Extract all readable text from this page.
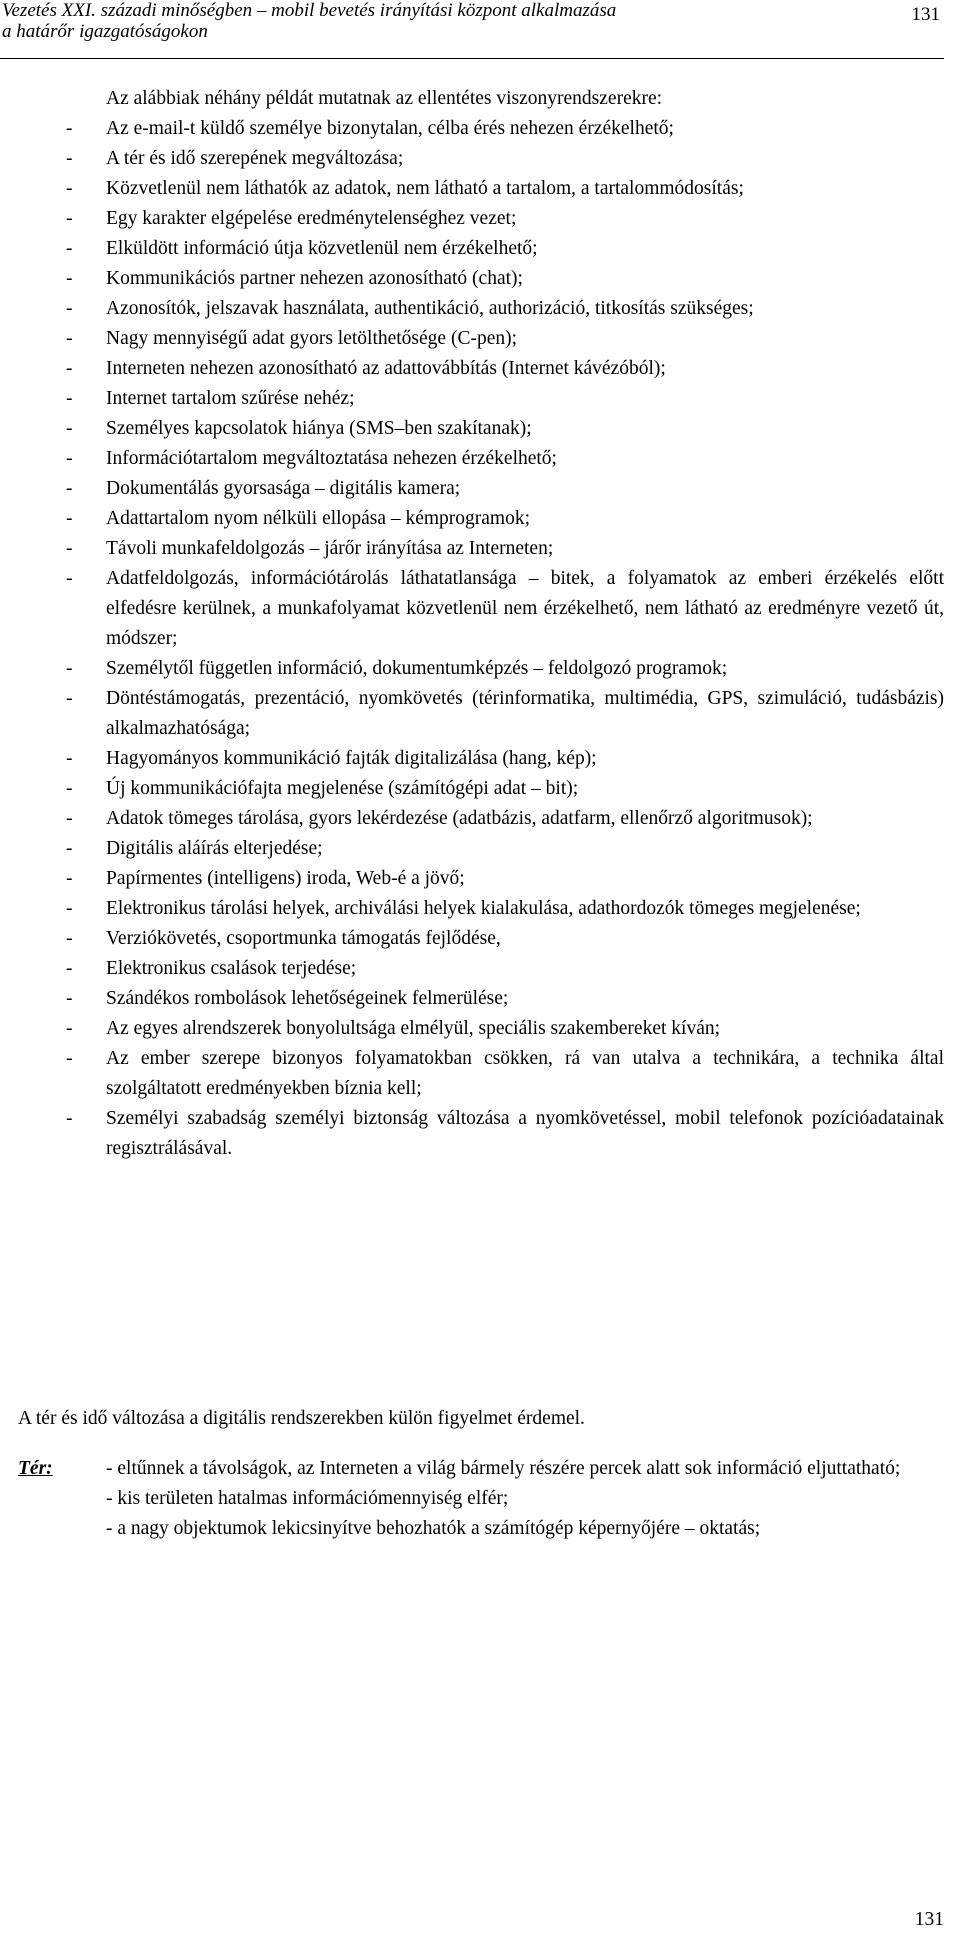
Vezetés XXI. századi minőségben – mobil bevetés irányítási központ alkalmazása
a határőr igazgatóságokon
131
Az alábbiak néhány példát mutatnak az ellentétes viszonyrendszerekre:
- Az e-mail-t küldő személye bizonytalan, célba érés nehezen érzékelhető;
- A tér és idő szerepének megváltozása;
- Közvetlenül nem láthatók az adatok, nem látható a tartalom, a tartalommódosítás;
- Egy karakter elgépelése eredménytelenséghez vezet;
- Elküldött információ útja közvetlenül nem érzékelhető;
- Kommunikációs partner nehezen azonosítható (chat);
- Azonosítók, jelszavak használata, authentikáció, authorizáció, titkosítás szükséges;
- Nagy mennyiségű adat gyors letölthetősége (C-pen);
- Interneten nehezen azonosítható az adattovábbítás (Internet kávézóból);
- Internet tartalom szűrése nehéz;
- Személyes kapcsolatok hiánya (SMS–ben szakítanak);
- Információtartalom megváltoztatása nehezen érzékelhető;
- Dokumentálás gyorsasága – digitális kamera;
- Adattartalom nyom nélküli ellopása – kémprogramok;
- Távoli munkafeldolgozás – járőr irányítása az Interneten;
- Adatfeldolgozás, információtárolás láthatatlansága – bitek, a folyamatok az emberi érzékelés előtt elfedésre kerülnek, a munkafolyamat közvetlenül nem érzékelhető, nem látható az eredményre vezető út, módszer;
- Személytől független információ, dokumentumképzés – feldolgozó programok;
- Döntéstámogatás, prezentáció, nyomkövetés (térinformatika, multimédia, GPS, szimuláció, tudásbázis) alkalmazhatósága;
- Hagyományos kommunikáció fajták digitalizálása (hang, kép);
- Új kommunikációfajta megjelenése (számítógépi adat – bit);
- Adatok tömeges tárolása, gyors lekérdezése (adatbázis, adatfarm, ellenőrző algoritmusok);
- Digitális aláírás elterjedése;
- Papírmentes (intelligens) iroda, Web-é a jövő;
- Elektronikus tárolási helyek, archiválási helyek kialakulása, adathordozók tömeges megjelenése;
- Verziókövetés, csoportmunka támogatás fejlődése,
- Elektronikus csalások terjedése;
- Szándékos rombolások lehetőségeinek felmerülése;
- Az egyes alrendszerek bonyolultsága elmélyül, speciális szakembereket kíván;
- Az ember szerepe bizonyos folyamatokban csökken, rá van utalva a technikára, a technika által szolgáltatott eredményekben bíznia kell;
- Személyi szabadság személyi biztonság változása a nyomkövetéssel, mobil telefonok pozícióadatainak regisztrálásával.
A tér és idő változása a digitális rendszerekben külön figyelmet érdemel.
Tér:	- eltűnnek a távolságok, az Interneten a világ bármely részére percek alatt sok információ eljuttatható;
- kis területen hatalmas információmennyiség elfér;
- a nagy objektumok lekicsinyítve behozhatók a számítógép képernyőjére – oktatás;
131
